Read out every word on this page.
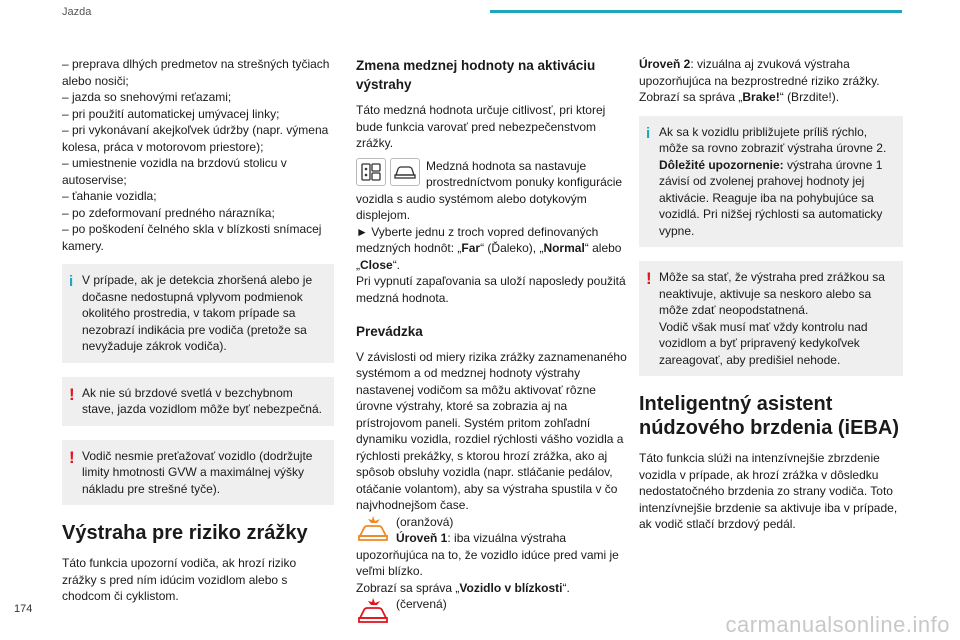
Jazda

– preprava dlhých predmetov na strešných tyčiach alebo nosiči;

– jazda so snehovými reťazami;

– pri použití automatickej umývacej linky;

– pri vykonávaní akejkoľvek údržby (napr. výmena kolesa, práca v motorovom priestore);

– umiestnenie vozidla na brzdovú stolicu v autoservise;

– ťahanie vozidla;

– po zdeformovaní predného nárazníka;

– po poškodení čelného skla v blízkosti snímacej kamery.

i V prípade, ak je detekcia zhoršená alebo je dočasne nedostupná vplyvom podmienok okolitého prostredia, v takom prípade sa nezobrazí indikácia pre vodiča (pretože sa nevyžaduje zákrok vodiča).

! Ak nie sú brzdové svetlá v bezchybnom stave, jazda vozidlom môže byť nebezpečná.

! Vodič nesmie preťažovať vozidlo (dodržujte limity hmotnosti GVW a maximálnej výšky nákladu pre strešné tyče).

Výstraha pre riziko zrážky

Táto funkcia upozorní vodiča, ak hrozí riziko zrážky s pred ním idúcim vozidlom alebo s chodcom či cyklistom.

Zmena medznej hodnoty na aktiváciu výstrahy

Táto medzná hodnota určuje citlivosť, pri ktorej bude funkcia varovať pred nebezpečenstvom zrážky.

Medzná hodnota sa nastavuje prostredníctvom ponuky konfigurácie vozidla s audio systémom alebo dotykovým displejom.

► Vyberte jednu z troch vopred definovaných medzných hodnôt: „Far“ (Ďaleko), „Normal“ alebo „Close“.

Pri vypnutí zapaľovania sa uloží naposledy použitá medzná hodnota.

Prevádzka

V závislosti od miery rizika zrážky zaznamenaného systémom a od medznej hodnoty výstrahy nastavenej vodičom sa môžu aktivovať rôzne úrovne výstrahy, ktoré sa zobrazia aj na prístrojovom paneli. Systém pritom zohľadní dynamiku vozidla, rozdiel rýchlosti vášho vozidla a rýchlosti prekážky, s ktorou hrozí zrážka, ako aj spôsob obsluhy vozidla (napr. stláčanie pedálov, otáčanie volantom), aby sa výstraha spustila v čo najvhodnejšom čase.

(oranžová)

Úroveň 1: iba vizuálna výstraha upozorňujúca na to, že vozidlo idúce pred vami je veľmi blízko.

Zobrazí sa správa „Vozidlo v blízkosti“.

(červená)

Úroveň 2: vizuálna aj zvuková výstraha upozorňujúca na bezprostredné riziko zrážky.

Zobrazí sa správa „Brake!“ (Brzdite!).

i Ak sa k vozidlu približujete príliš rýchlo, môže sa rovno zobraziť výstraha úrovne 2.

Dôležité upozornenie: výstraha úrovne 1 závisí od zvolenej prahovej hodnoty jej aktivácie. Reaguje iba na pohybujúce sa vozidlá. Pri nižšej rýchlosti sa automaticky vypne.

! Môže sa stať, že výstraha pred zrážkou sa neaktivuje, aktivuje sa neskoro alebo sa môže zdať neopodstatnená.

Vodič však musí mať vždy kontrolu nad vozidlom a byť pripravený kedykoľvek zareagovať, aby predišiel nehode.

Inteligentný asistent núdzového brzdenia (iEBA)

Táto funkcia slúži na intenzívnejšie zbrzdenie vozidla v prípade, ak hrozí zrážka v dôsledku nedostatočného brzdenia zo strany vodiča. Toto intenzívnejšie brzdenie sa aktivuje iba v prípade, ak vodič stlačí brzdový pedál.

174
carmanualsonline.info
